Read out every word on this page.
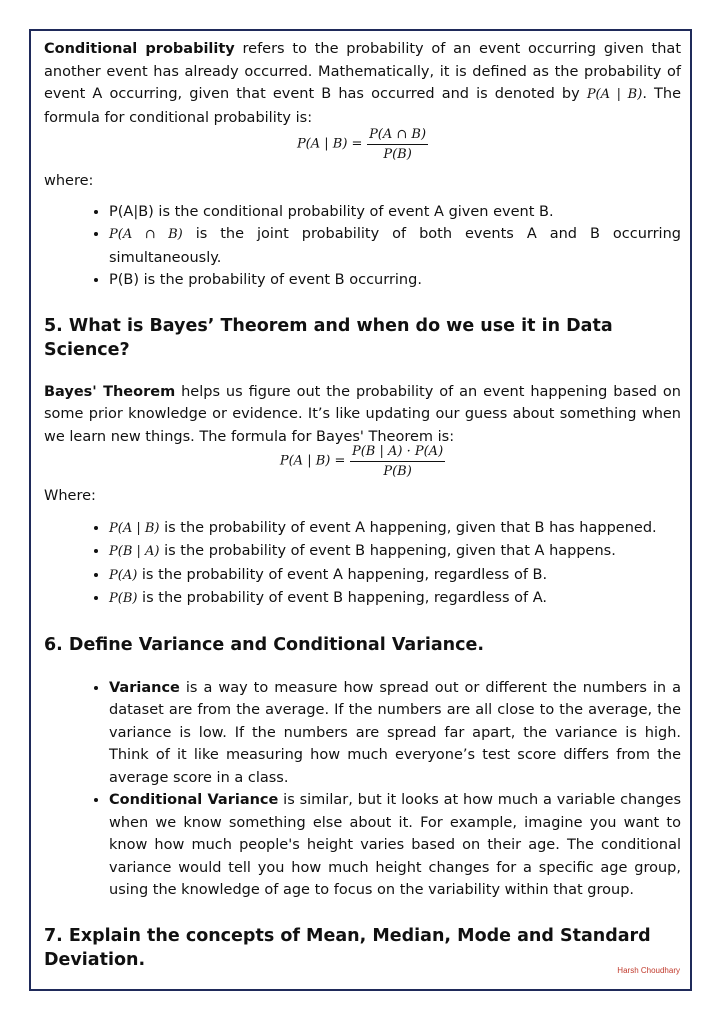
Conditional probability refers to the probability of an event occurring given that another event has already occurred. Mathematically, it is defined as the probability of event A occurring, given that event B has occurred and is denoted by P(A | B). The formula for conditional probability is:

P(A | $B) = \frac{P(A \cap B)}{P(B)}$

where:

• P(A|B) is the conditional probability of event A given event B.
• P(A ∩ B) is the joint probability of both events A and B occurring simultaneously.
• P(B) is the probability of event B occurring.
5. What is Bayes’ Theorem and when do we use it in Data Science?

Bayes' Theorem helps us figure out the probability of an event happening based on some prior knowledge or evidence. It’s like updating our guess about something when we learn new things. The formula for Bayes' Theorem is:

P(A | $B) = \frac{P(B | A) \cdot P(A)}{P(B)}$

Where:

• P(A | B) is the probability of event A happening, given that B has happened.
• P(B | A) is the probability of event B happening, given that A happens.
• P(A) is the probability of event A happening, regardless of B.
• P(B) is the probability of event B happening, regardless of A.
6. Define Variance and Conditional Variance.
• Variance is a way to measure how spread out or different the numbers in a dataset are from the average. If the numbers are all close to the average, the variance is low. If the numbers are spread far apart, the variance is high. Think of it like measuring how much everyone’s test score differs from the average score in a class.
• Conditional Variance is similar, but it looks at how much a variable changes when we know something else about it. For example, imagine you want to know how much people's height varies based on their age. The conditional variance would tell you how much height changes for a specific age group, using the knowledge of age to focus on the variability within that group.
7. Explain the concepts of Mean, Median, Mode and Standard Deviation.
Harsh Choudhary
